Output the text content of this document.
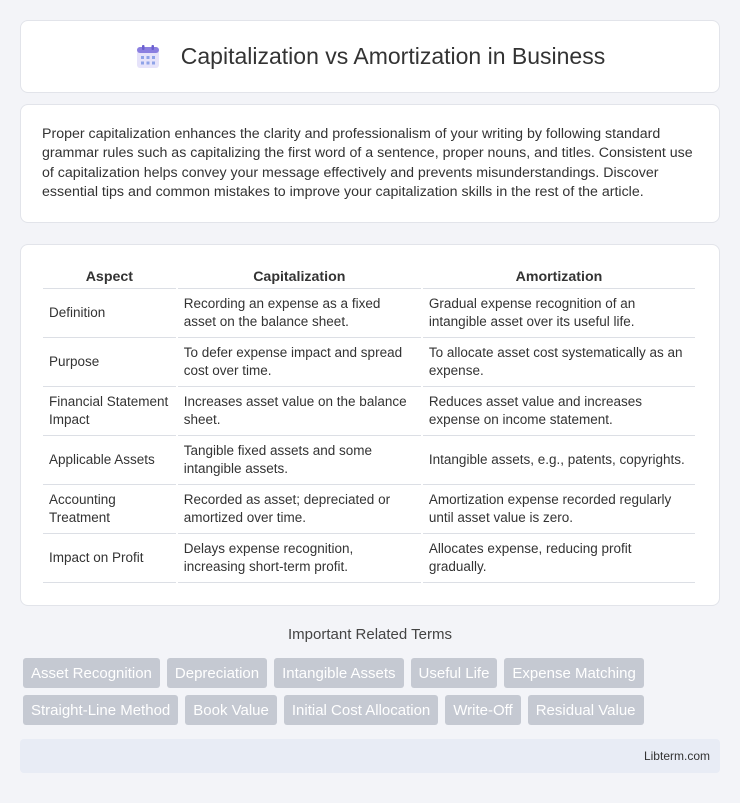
Capitalization vs Amortization in Business

Proper capitalization enhances the clarity and professionalism of your writing by following standard grammar rules such as capitalizing the first word of a sentence, proper nouns, and titles. Consistent use of capitalization helps convey your message effectively and prevents misunderstandings. Discover essential tips and common mistakes to improve your capitalization skills in the rest of the article.

Aspect	Capitalization	Amortization
Definition	Recording an expense as a fixed asset on the balance sheet.	Gradual expense recognition of an intangible asset over its useful life.
Purpose	To defer expense impact and spread cost over time.	To allocate asset cost systematically as an expense.
Financial Statement Impact	Increases asset value on the balance sheet.	Reduces asset value and increases expense on income statement.
Applicable Assets	Tangible fixed assets and some intangible assets.	Intangible assets, e.g., patents, copyrights.
Accounting Treatment	Recorded as asset; depreciated or amortized over time.	Amortization expense recorded regularly until asset value is zero.
Impact on Profit	Delays expense recognition, increasing short-term profit.	Allocates expense, reducing profit gradually.
Important Related Terms
Asset Recognition	Depreciation	Intangible Assets	Useful Life	Expense Matching
Straight-Line Method	Book Value	Initial Cost Allocation	Write-Off	Residual Value
Libterm.com
